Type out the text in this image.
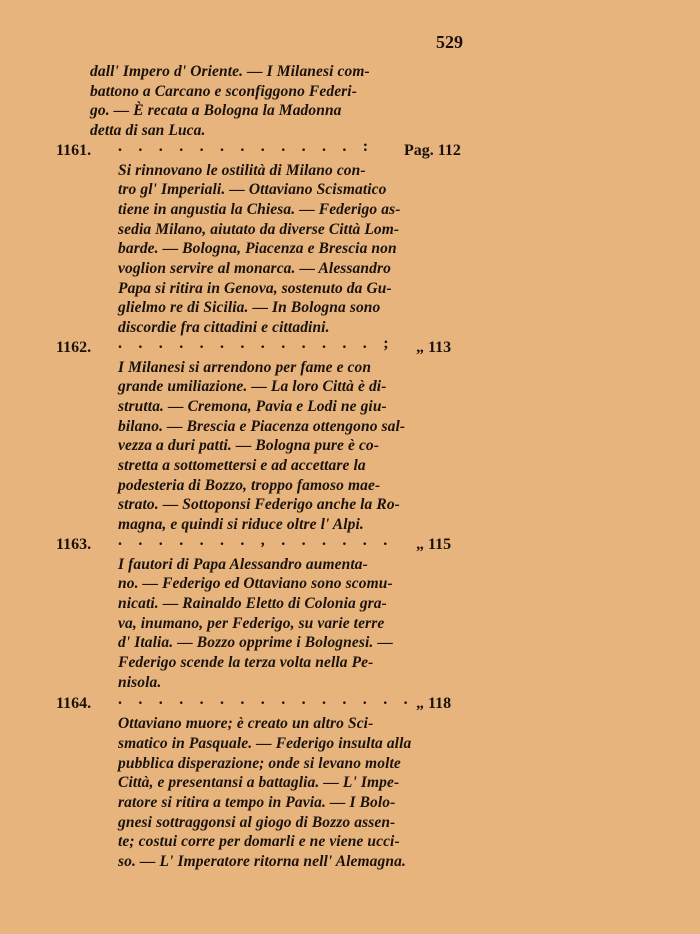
529
dall' Impero d' Oriente. — I Milanesi com-
battono a Carcano e sconfiggono Federi-
go. — È recata a Bologna la Madonna
detta di san Luca.
1161. . . . . . . . . . . . . : Pag. 112
Si rinnovano le ostilità di Milano con-
tro gl' Imperiali. — Ottaviano Scismatico
tiene in angustia la Chiesa. — Federigo as-
sedia Milano, aiutato da diverse Città Lom-
barde. — Bologna, Piacenza e Brescia non
voglion servire al monarca. — Alessandro
Papa si ritira in Genova, sostenuto da Gu-
glielmo re di Sicilia. — In Bologna sono
discordie fra cittadini e cittadini.
1162. . . . . . . . . . . . . . ; „ 113
I Milanesi si arrendono per fame e con
grande umiliazione. — La loro Città è di-
strutta. — Cremona, Pavia e Lodi ne giu-
bilano. — Brescia e Piacenza ottengono sal-
vezza a duri patti. — Bologna pure è co-
stretta a sottomettersi e ad accettare la
podesteria di Bozzo, troppo famoso mae-
strato. — Sottoponsi Federigo anche la Ro-
magna, e quindi si riduce oltre l' Alpi.
1163. . . . . . . . , . . . . . . „ 115
I fautori di Papa Alessandro aumenta-
no. — Federigo ed Ottaviano sono scomu-
nicati. — Rainaldo Eletto di Colonia gra-
va, inumano, per Federigo, su varie terre
d' Italia. — Bozzo opprime i Bolognesi. —
Federigo scende la terza volta nella Pe-
nisola.
1164. . . . . . . . . . . . . . . . „ 118
Ottaviano muore; è creato un altro Sci-
smatico in Pasquale. — Federigo insulta alla
pubblica disperazione; onde si levano molte
Città, e presentansi a battaglia. — L' Impe-
ratore si ritira a tempo in Pavia. — I Bolo-
gnesi sottraggonsi al giogo di Bozzo assen-
te; costui corre per domarli e ne viene ucci-
so. — L' Imperatore ritorna nell' Alemagna.
